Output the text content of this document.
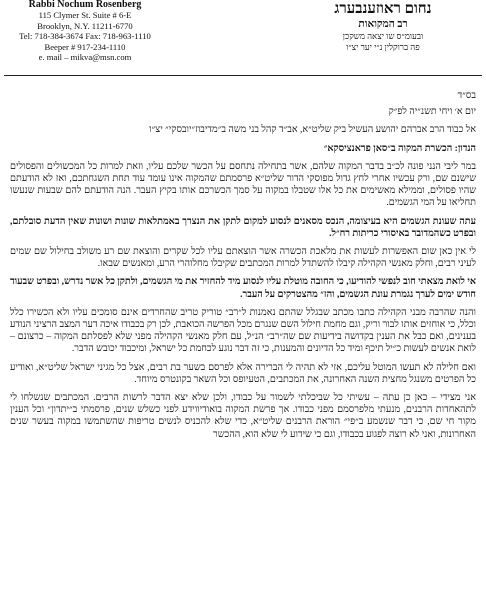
Rabbi Nochum Rosenberg
115 Clymer St. Suite # 6-E
Brooklyn, N.Y. 11211-6770
Tel: 718-384-3674 Fax: 718-963-1110
Beeper # 917-234-1110
e. mail – mikva@msn.com
נחום ראוזענבערג
רב המקואות
ובעומ״ס שו יצאה משקכן
פה ברוקלין נ״י יער יצ״ו
בס״ד
יום א׳ ויחי תשנ״יה לפ״ק
אל כבוד הרב אברהם יהושע העשיל ביק שליט״א, אב״ד קהל בני משה ב״מדיבוז״יובסקי״ יצ״ו
הנדון: הכשרת המקוה ב״סאן פראנציסקא״

במר ליבי הנני פונה לכ״ב בדבר המקוה שלהם, אשר בתחילה נתחסם על הכשר שלכם עליו, וזאת למרות כל המכשולים והפסולים שישנם שם, ורק עכשיו אחרי לחץ גדול מפוסקי הדור שליט״א פרסמתם שהמקוה אינו עומד עוד תחת השגחתכם, ואז לא הודעתם שהיו פסולים, וממילא מאשימים את כל אלו שטבלו במקוה על סמך הכשרכם אותו בקיץ העבר. הנה הודעתם להם שבעות שנעשו תחליאו על המי הגשמים.

עתה שעונת הגשמים היא בעיצומה, הנכס מסאנים לנסוע למקום לתקן את הנצרך באמתלאות שונות ושונות שאין הדעת סובלתם, ובפרט כשהמדובר באיסורי כריתות רח״ל.

לי אין כאן שום האפשרות לעשות את מלאכת הכשרה אשר הוצאתם עליו לכל שקרים והוצאת שם רע משולב בחילול שם שמים לעיני רבים, וחלק מאנשי הקהילה קיבלו להשתדל למרות המכתבים שקיבלו מחלוהרי הרע, ומאנשים שבאו.

אי לואת מצאתי חוב לנפשי להודיעו, כי החובה מוטלת עליו לנסוע מיד להחזיר את מי הגשמים, ולתקן כל אשר נדרש, ובפרט שבעוד חודש ימים לערך נגמרת עונת הגשמים, והז״ מהצטרקים על העבר.

והנה שהרבה מבני הקהילה כתבו מכתב שבגלל שהתם נאמנות ל״רב״ טוריק טריב שהחרדים אינם סומכים עליו ולא הכשירו כלל וכלל, כי אוחזים אותו לבור וריק, וגם מחמת חילול השם שנגרם מכל הפרשה הכואבת, לכן רק בכבודו איכה דער המצב הרציני הנודע בענינים, ואם כבל את הענין בקדושה בידיעות שם שה״רב״ הנ״ל, עם חלק מאנשי הקהילה מפני שלא לפסלתם המקוה – כרצונם – לואת אנשים לעשות כ״יל תיכף ומיד כל הדיונים והמענות, כי זה דבר נוגע לכחמת כל ישראל, ומיכבוד יכובש הדבר.

ואם חלילה לא תעשו המוטל עליכם, אזי לא תהיה לי הברירה אלא לפרסם בשער בת רבים, אצל כל מגיני ישראל שליט״א, ואודיע כל הפרטים משנגל מחצית השנה האחרונה, את המכתבים, הטעיופס וכל השאר בקונטרס מיוחד.

אני מצידי – כאן כן עתה – עשיתי כל שביכלתי לשמור על כבודו, ולכן שלא יצא הדבר לרשות הרבים. המכתבים שנשלחו לי לתהאחדות הרבנים, מנעתי מלפרסמם מפני כבודו. אך פרשת המקוה בואודיווידע לפני כשלש שנים, פרסמתי ב״יתדון״ וכל הענין מקור חי שם, כי דבר שנשמע ב״פי״ הוראת הרבנים שליט״א, כדי שלא להכניס לנשים טריפות שהשתמשו במקוה בעשר שנים האחרונות, ואני לא רוצה לפגוע בכבודו, וגם כי שידוע לי שלא הוא, ההכשר
